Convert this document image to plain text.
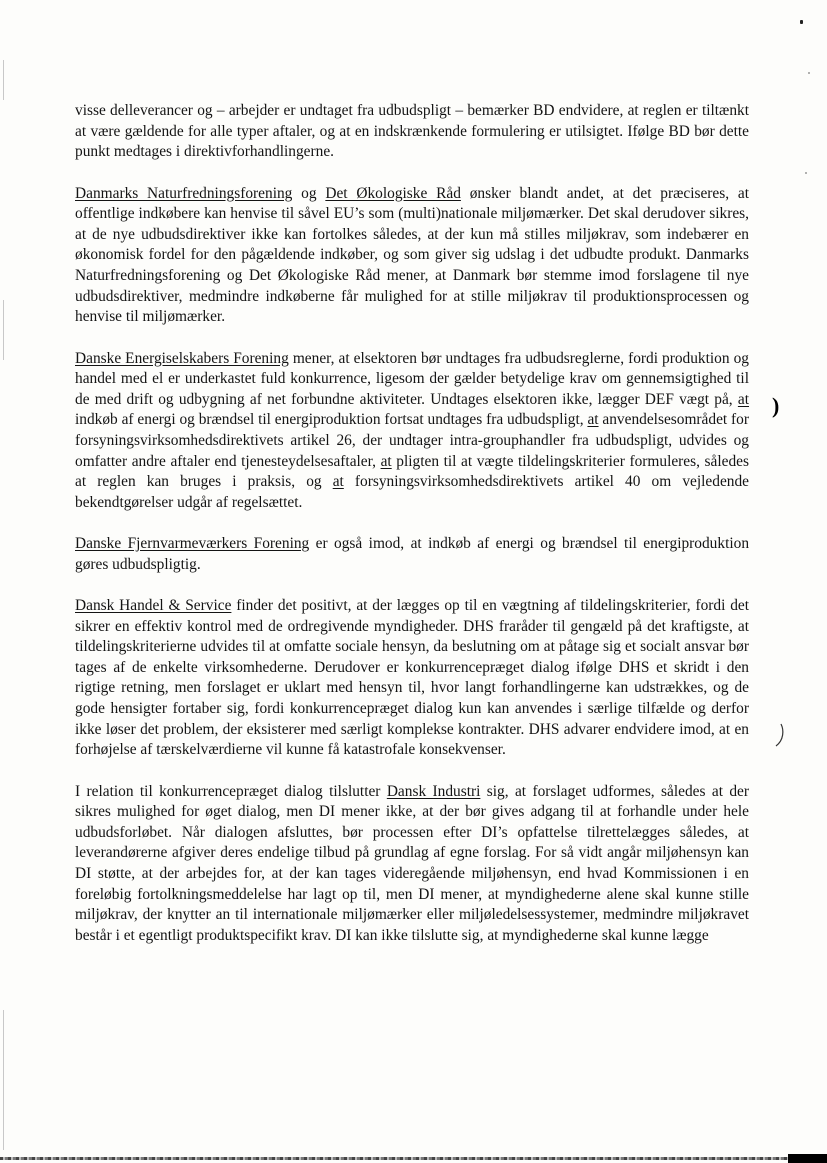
visse delleverancer og – arbejder er undtaget fra udbudspligt – bemærker BD endvidere, at reglen er tiltænkt at være gældende for alle typer aftaler, og at en indskrænkende formulering er utilsigtet. Ifølge BD bør dette punkt medtages i direktivforhandlingerne.

Danmarks Naturfredningsforening og Det Økologiske Råd ønsker blandt andet, at det præciseres, at offentlige indkøbere kan henvise til såvel EU’s som (multi)nationale miljømærker. Det skal derudover sikres, at de nye udbudsdirektiver ikke kan fortolkes således, at der kun må stilles miljøkrav, som indebærer en økonomisk fordel for den pågældende indkøber, og som giver sig udslag i det udbudte produkt. Danmarks Naturfredningsforening og Det Økologiske Råd mener, at Danmark bør stemme imod forslagene til nye udbudsdirektiver, medmindre indkøberne får mulighed for at stille miljøkrav til produktionsprocessen og henvise til miljømærker.

Danske Energiselskabers Forening mener, at elsektoren bør undtages fra udbudsreglerne, fordi produktion og handel med el er underkastet fuld konkurrence, ligesom der gælder betydelige krav om gennemsigtighed til de med drift og udbygning af net forbundne aktiviteter. Undtages elsektoren ikke, lægger DEF vægt på, at indkøb af energi og brændsel til energiproduktion fortsat undtages fra udbudspligt, at anvendelsesområdet for forsyningsvirksomhedsdirektivets artikel 26, der undtager intra-grouphandler fra udbudspligt, udvides og omfatter andre aftaler end tjenesteydelsesaftaler, at pligten til at vægte tildelingskriterier formuleres, således at reglen kan bruges i praksis, og at forsyningsvirksomhedsdirektivets artikel 40 om vejledende bekendtgørelser udgår af regelsættet.

Danske Fjernvarmeværkers Forening er også imod, at indkøb af energi og brændsel til energiproduktion gøres udbudspligtig.

Dansk Handel & Service finder det positivt, at der lægges op til en vægtning af tildelingskriterier, fordi det sikrer en effektiv kontrol med de ordregivende myndigheder. DHS fraråder til gengæld på det kraftigste, at tildelingskriterierne udvides til at omfatte sociale hensyn, da beslutning om at påtage sig et socialt ansvar bør tages af de enkelte virksomhederne. Derudover er konkurrencepræget dialog ifølge DHS et skridt i den rigtige retning, men forslaget er uklart med hensyn til, hvor langt forhandlingerne kan udstrækkes, og de gode hensigter fortaber sig, fordi konkurrencepræget dialog kun kan anvendes i særlige tilfælde og derfor ikke løser det problem, der eksisterer med særligt komplekse kontrakter. DHS advarer endvidere imod, at en forhøjelse af tærskelværdierne vil kunne få katastrofale konsekvenser.

I relation til konkurrencepræget dialog tilslutter Dansk Industri sig, at forslaget udformes, således at der sikres mulighed for øget dialog, men DI mener ikke, at der bør gives adgang til at forhandle under hele udbudsforløbet. Når dialogen afsluttes, bør processen efter DI’s opfattelse tilrettelægges således, at leverandørerne afgiver deres endelige tilbud på grundlag af egne forslag. For så vidt angår miljøhensyn kan DI støtte, at der arbejdes for, at der kan tages videregående miljøhensyn, end hvad Kommissionen i en foreløbig fortolkningsmeddelelse har lagt op til, men DI mener, at myndighederne alene skal kunne stille miljøkrav, der knytter an til internationale miljømærker eller miljøledelsessystemer, medmindre miljøkravet består i et egentligt produktspecifikt krav. DI kan ikke tilslutte sig, at myndighederne skal kunne lægge

)
